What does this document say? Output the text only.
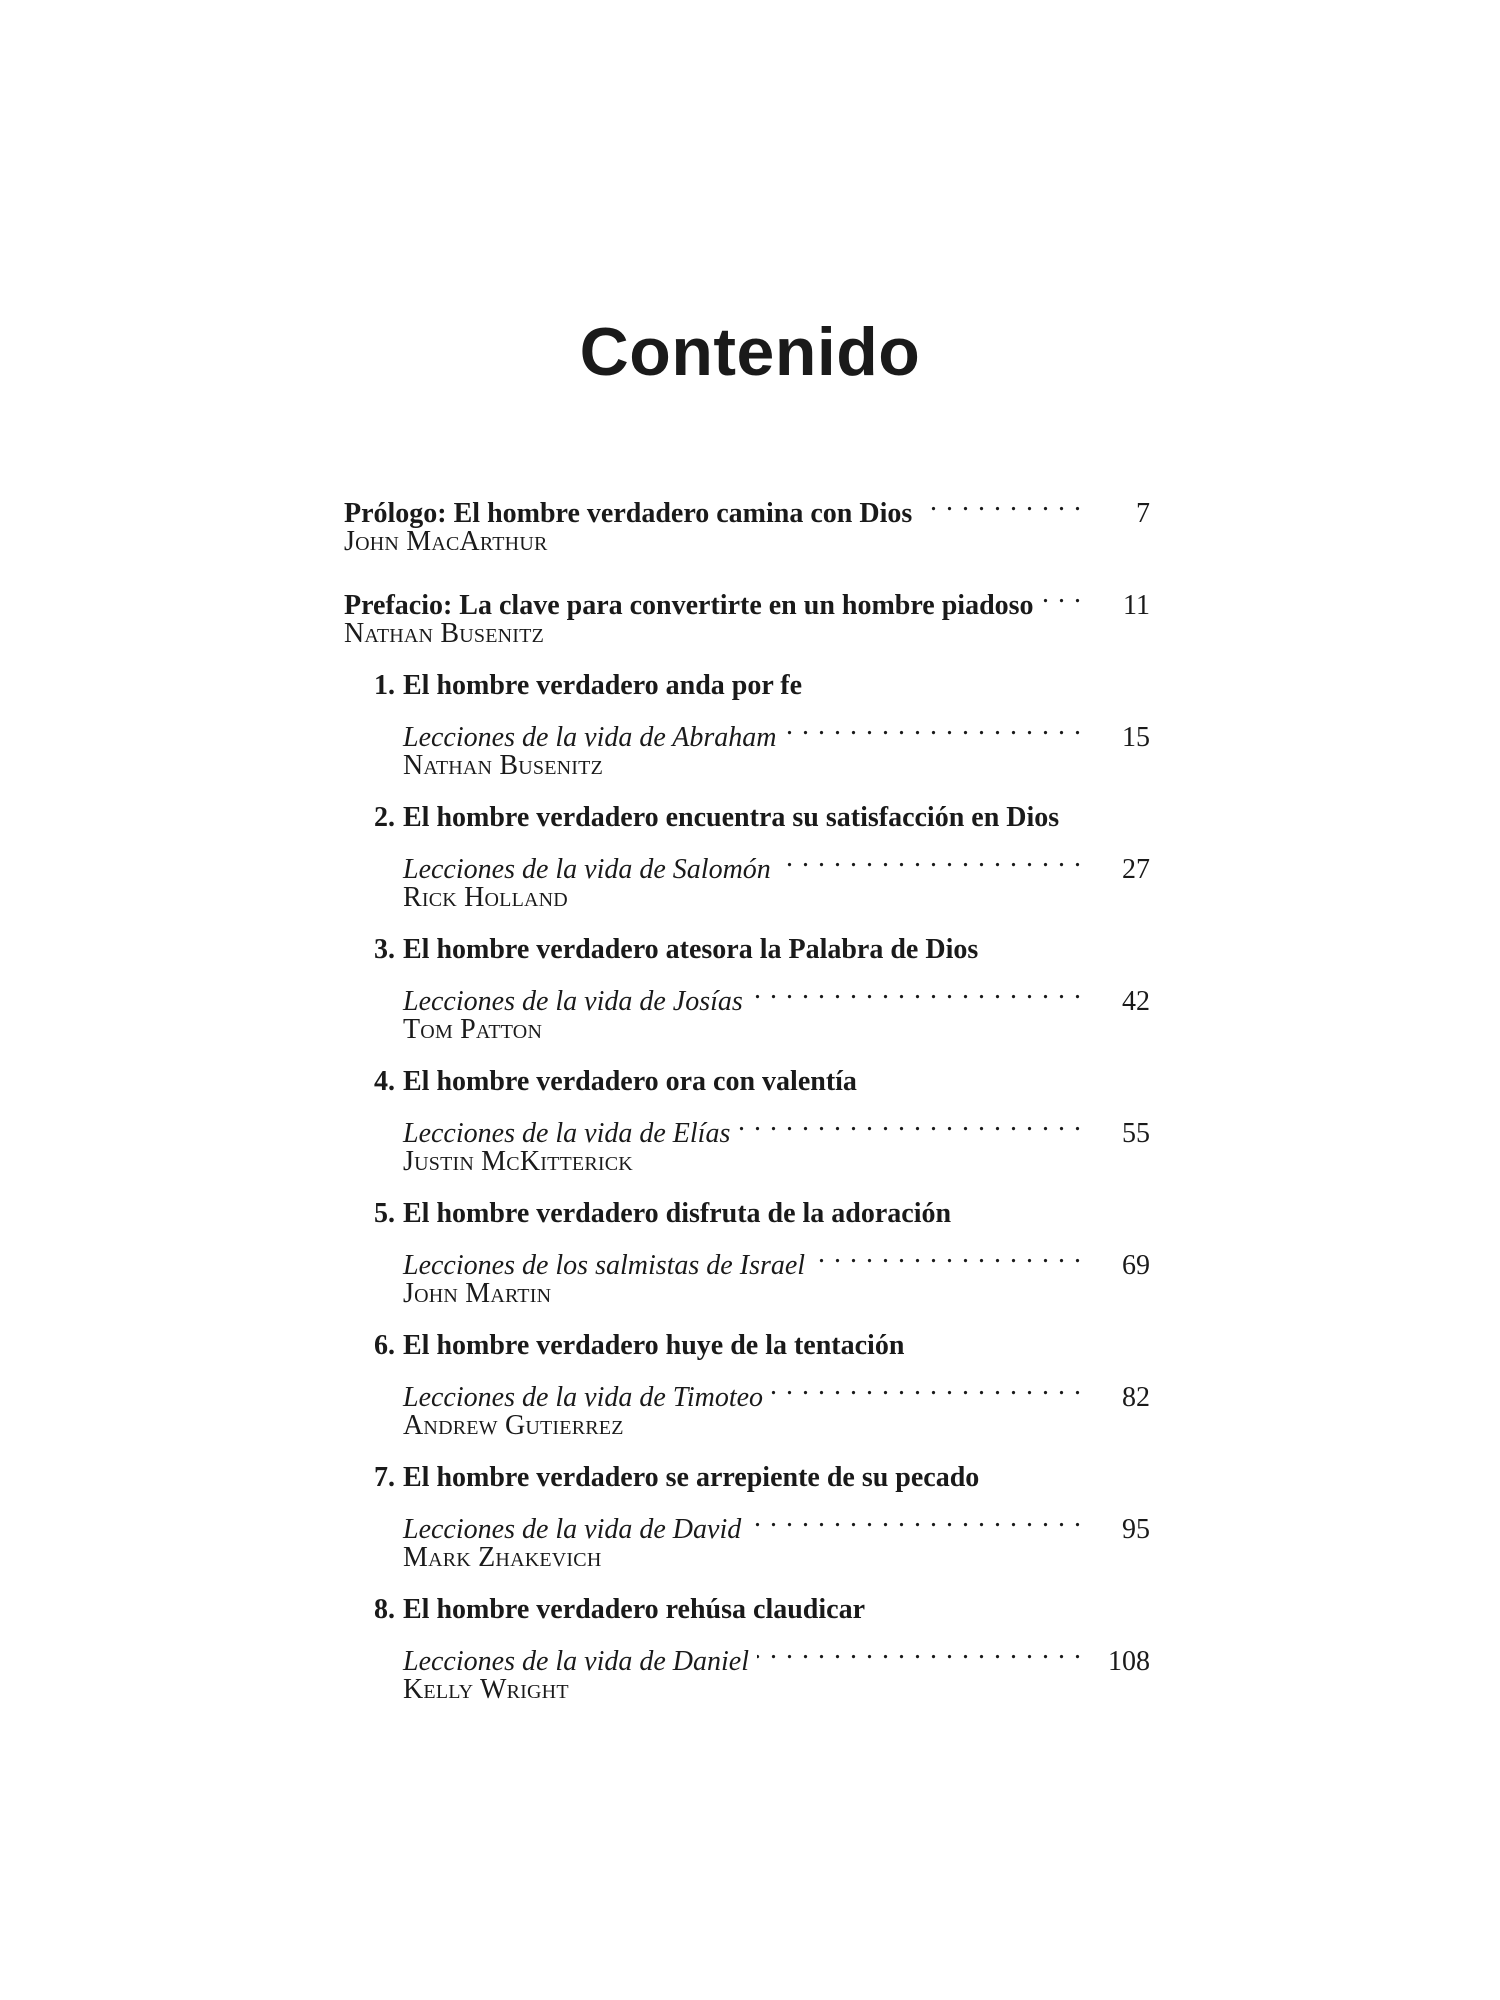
Contenido
Prólogo: El hombre verdadero camina con Dios . . .	7
John MacArthur
Prefacio: La clave para convertirte en un hombre piadoso . . .	11
Nathan Busenitz
1. El hombre verdadero anda por fe
Lecciones de la vida de Abraham . . .	15
Nathan Busenitz
2. El hombre verdadero encuentra su satisfacción en Dios
Lecciones de la vida de Salomón . . .	27
Rick Holland
3. El hombre verdadero atesora la Palabra de Dios
Lecciones de la vida de Josías . . .	42
Tom Patton
4. El hombre verdadero ora con valentía
Lecciones de la vida de Elías . . .	55
Justin McKitterick
5. El hombre verdadero disfruta de la adoración
Lecciones de los salmistas de Israel . . .	69
John Martin
6. El hombre verdadero huye de la tentación
Lecciones de la vida de Timoteo . . .	82
Andrew Gutierrez
7. El hombre verdadero se arrepiente de su pecado
Lecciones de la vida de David . . .	95
Mark Zhakevich
8. El hombre verdadero rehúsa claudicar
Lecciones de la vida de Daniel . . .	108
Kelly Wright
